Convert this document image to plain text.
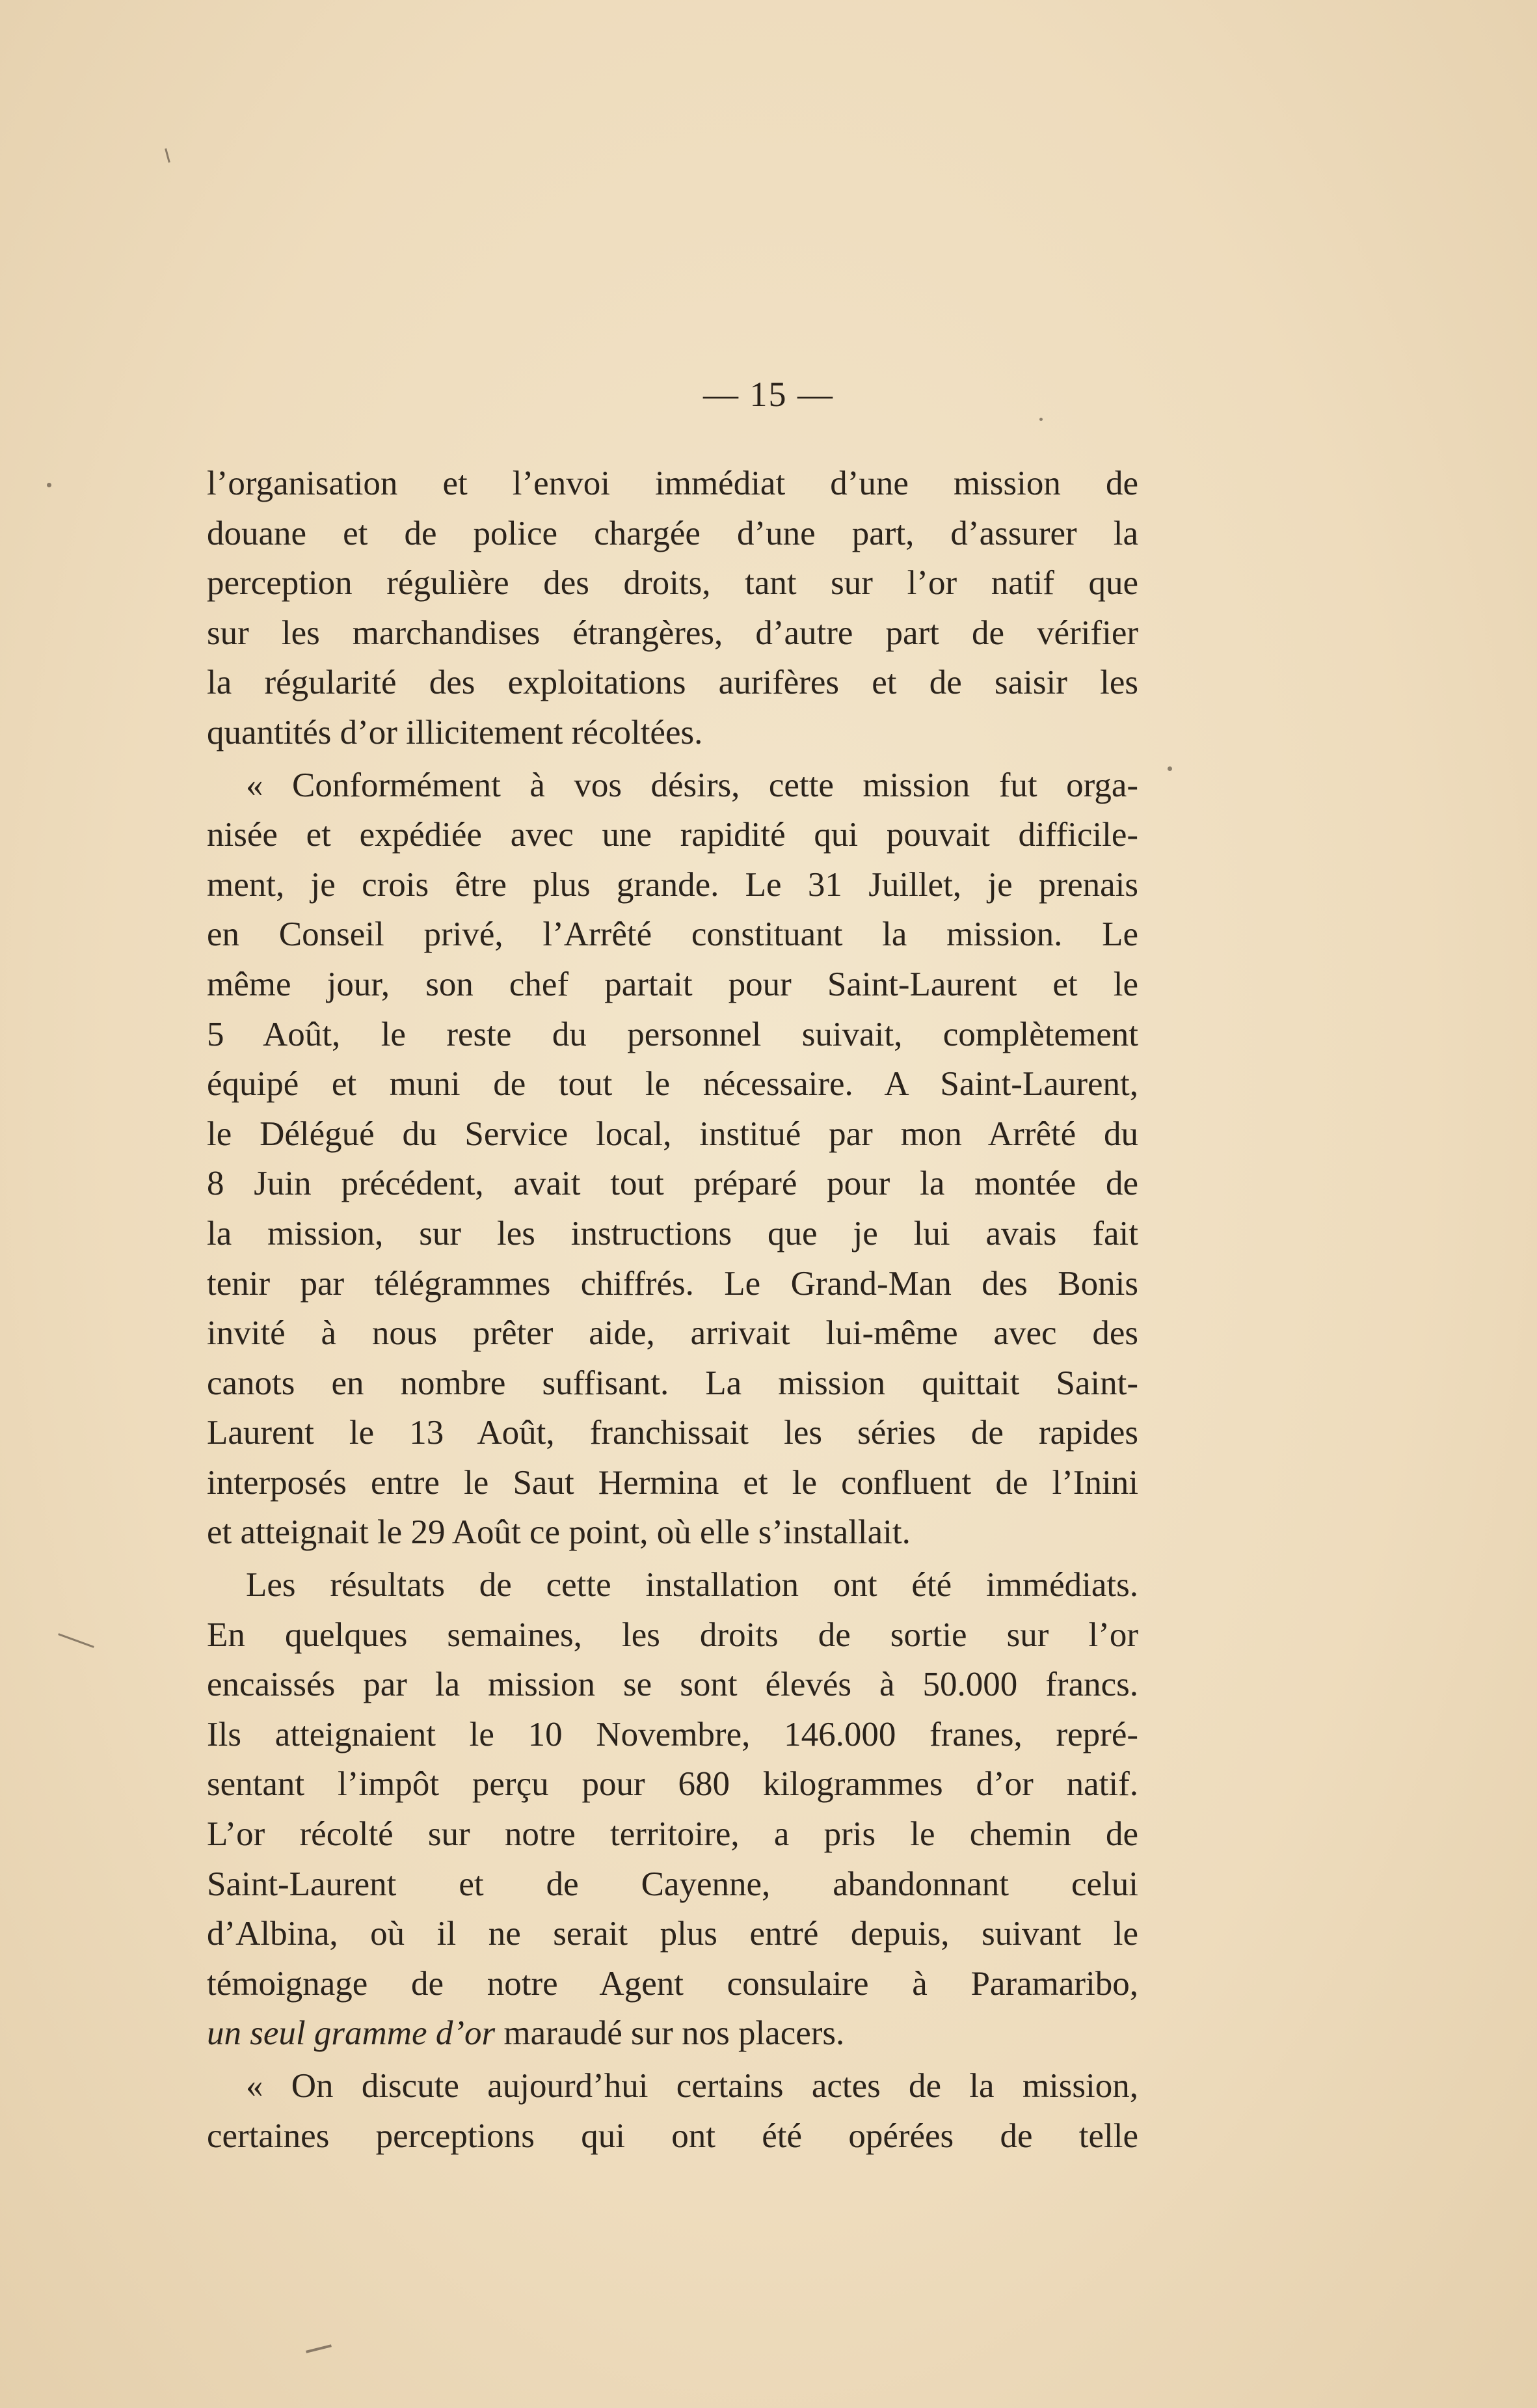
— 15 —
l’organisation et l’envoi immédiat d’une mission de
douane et de police chargée d’une part, d’assurer la
perception régulière des droits, tant sur l’or natif que
sur les marchandises étrangères, d’autre part de vérifier
la régularité des exploitations aurifères et de saisir les
quantités d’or illicitement récoltées.
« Conformément à vos désirs, cette mission fut orga-
nisée et expédiée avec une rapidité qui pouvait difficile-
ment, je crois être plus grande. Le 31 Juillet, je prenais
en Conseil privé, l’Arrêté constituant la mission. Le
même jour, son chef partait pour Saint-Laurent et le
5 Août, le reste du personnel suivait, complètement
équipé et muni de tout le nécessaire. A Saint-Laurent,
le Délégué du Service local, institué par mon Arrêté du
8 Juin précédent, avait tout préparé pour la montée de
la mission, sur les instructions que je lui avais fait
tenir par télégrammes chiffrés. Le Grand-Man des Bonis
invité à nous prêter aide, arrivait lui-même avec des
canots en nombre suffisant. La mission quittait Saint-
Laurent le 13 Août, franchissait les séries de rapides
interposés entre le Saut Hermina et le confluent de l’Inini
et atteignait le 29 Août ce point, où elle s’installait.
Les résultats de cette installation ont été immédiats.
En quelques semaines, les droits de sortie sur l’or
encaissés par la mission se sont élevés à 50.000 francs.
Ils atteignaient le 10 Novembre, 146.000 franes, repré-
sentant l’impôt perçu pour 680 kilogrammes d’or natif.
L’or récolté sur notre territoire, a pris le chemin de
Saint-Laurent et de Cayenne, abandonnant celui
d’Albina, où il ne serait plus entré depuis, suivant le
témoignage de notre Agent consulaire à Paramaribo,
un seul gramme d’or maraudé sur nos placers.
« On discute aujourd’hui certains actes de la mission,
certaines perceptions qui ont été opérées de telle
